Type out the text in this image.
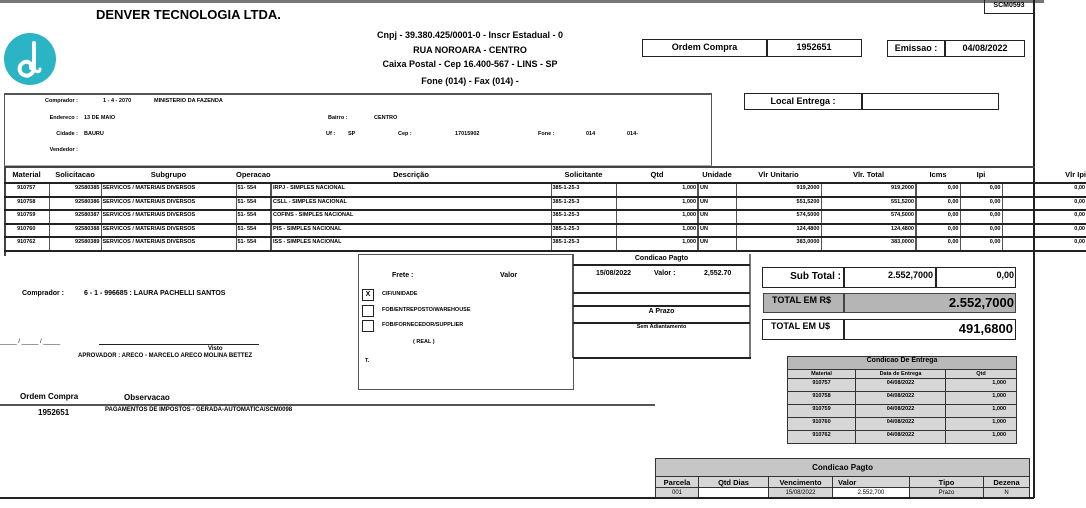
SCM0593
DENVER TECNOLOGIA LTDA.
Cnpj - 39.380.425/0001-0 - Inscr Estadual - 0
RUA NOROARA - CENTRO
Caixa Postal - Cep 16.400-567 - LINS - SP
Fone (014) - Fax (014) -
Ordem Compra	1952651	Emissao :	04/08/2022
Comprador :	1 - 4 - 2070	MINISTERIO DA FAZENDA
Endereco : 13 DE MAIO	Bairro :	CENTRO
Cidade : BAURU	Uf : SP	Cep :	17015902	Fone :	014	014-
Vendedor :
Local Entrega :
Material	Solicitacao	Subgrupo	Operacao	Descrição	Solicitante	Qtd	Unidade	Vlr Unitario	Vlr. Total	Icms	Ipi	Vlr Ipi
910757	92580385	SERVICOS / MATERIAIS DIVERSOS	51- 554	IRPJ - SIMPLES NACIONAL	385-1-25-3	1,000	UN	919,2000	919,2000	0,00	0,00	0,00
910758	92580386	SERVICOS / MATERIAIS DIVERSOS	51- 554	CSLL - SIMPLES NACIONAL	385-1-25-3	1,000	UN	551,5200	551,5200	0,00	0,00	0,00
910759	92580387	SERVICOS / MATERIAIS DIVERSOS	51- 554	COFINS - SIMPLES NACIONAL	385-1-25-3	1,000	UN	574,5000	574,5000	0,00	0,00	0,00
910760	92580388	SERVICOS / MATERIAIS DIVERSOS	51- 554	PIS - SIMPLES NACIONAL	385-1-25-3	1,000	UN	124,4800	124,4800	0,00	0,00	0,00
910762	92580389	SERVICOS / MATERIAIS DIVERSOS	51- 554	ISS - SIMPLES NACIONAL	385-1-25-3	1,000	UN	383,0000	383,0000	0,00	0,00	0,00
Comprador :	6 - 1 - 996685 : LAURA PACHELLI SANTOS
_____ / _____ / _____
Visto
APROVADOR : ARECO - MARCELO ARECO MOLINA BETTEZ
Frete :	Valor
X	CIF/UNIDADE
FOB/ENTREPOSTO/WAREHOUSE
FOB/FORNECEDOR/SUPPLIER
( REAL )
T.
Condicao Pagto
15/08/2022	Valor :	2,552.70
A Prazo
Sem Adiantamento
Sub Total :	2.552,7000	0,00
TOTAL EM R$	2.552,7000
TOTAL EM U$	491,6800
Ordem Compra	Observacao
1952651	PAGAMENTOS DE IMPOSTOS - GERADA-AUTOMATICA/SCM0098
Condicao De Entrega		
Material	Data de Entrega	Qtd
910757	04/08/2022	1,000
910758	04/08/2022	1,000
910759	04/08/2022	1,000
910760	04/08/2022	1,000
910762	04/08/2022	1,000
Condicao Pagto					
Parcela	Qtd Dias	Vencimento	Valor	Tipo	Dezena
001		15/08/2022	2.552,700	Prazo	N
